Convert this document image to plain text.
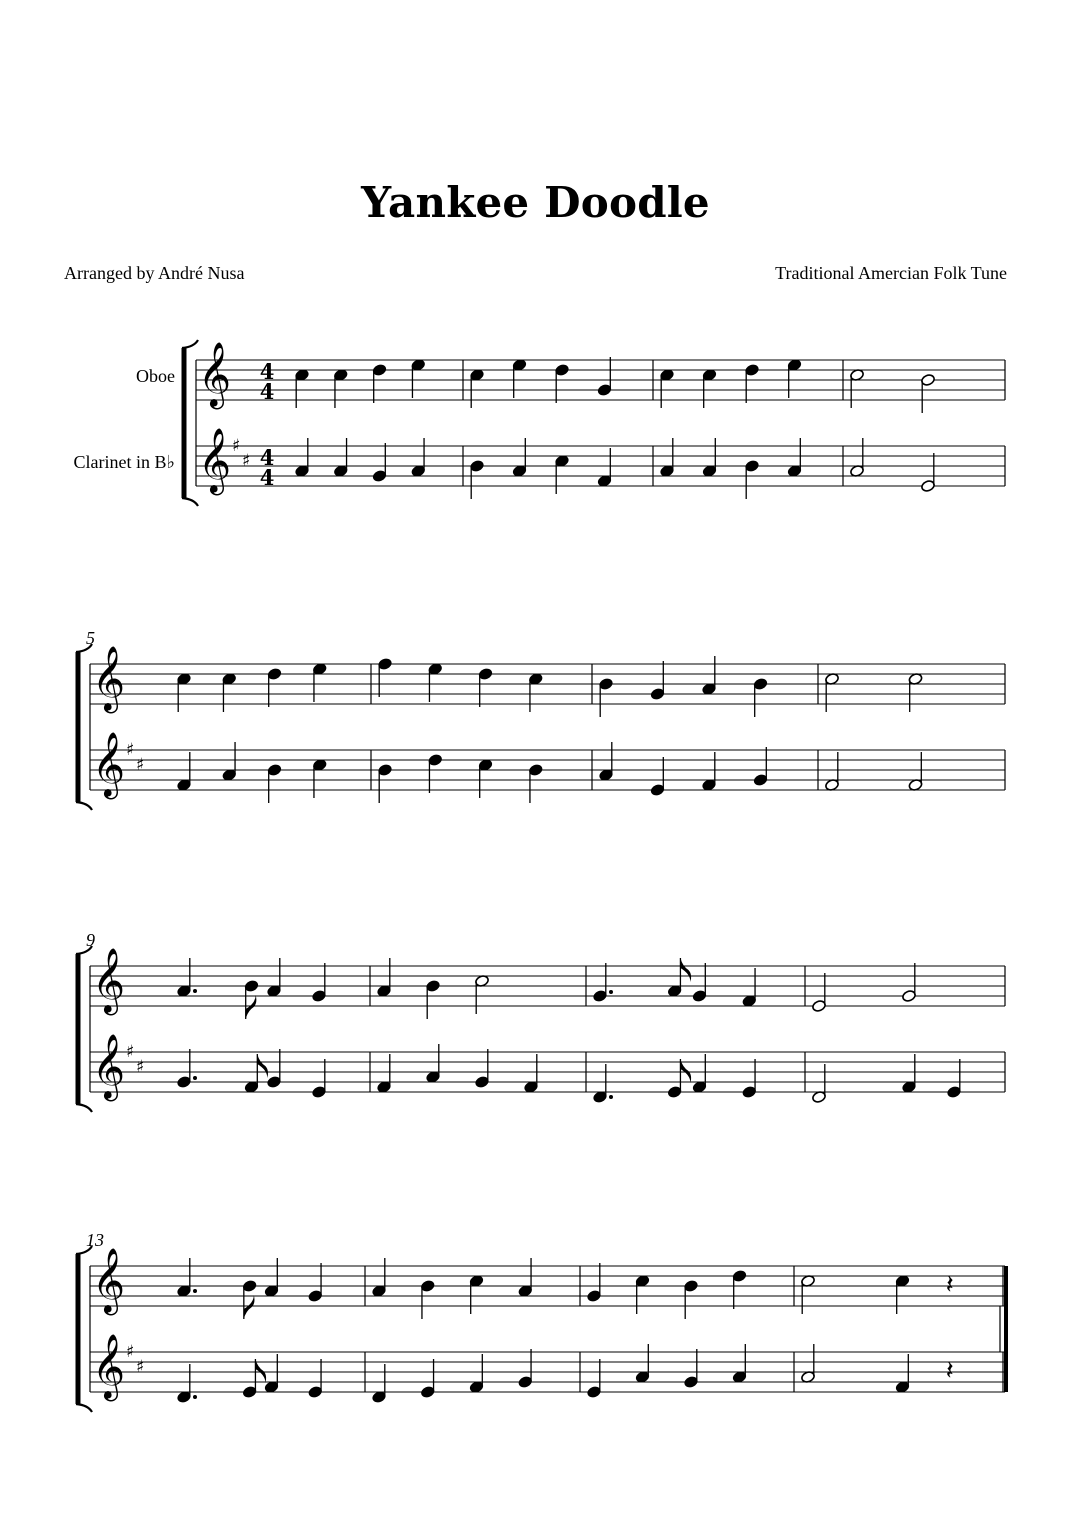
Yankee Doodle
Arranged by André Nusa	Traditional Amercian Folk Tune
Oboe
Clarinet in B♭
𝄞
𝄞 ♯
♯
4
4
4
4
𝄞
𝄞 ♯
♯
5
𝄞
𝄞 ♯
♯
9
𝄞
𝄞 ♯
♯
13
𝄽
𝄽
